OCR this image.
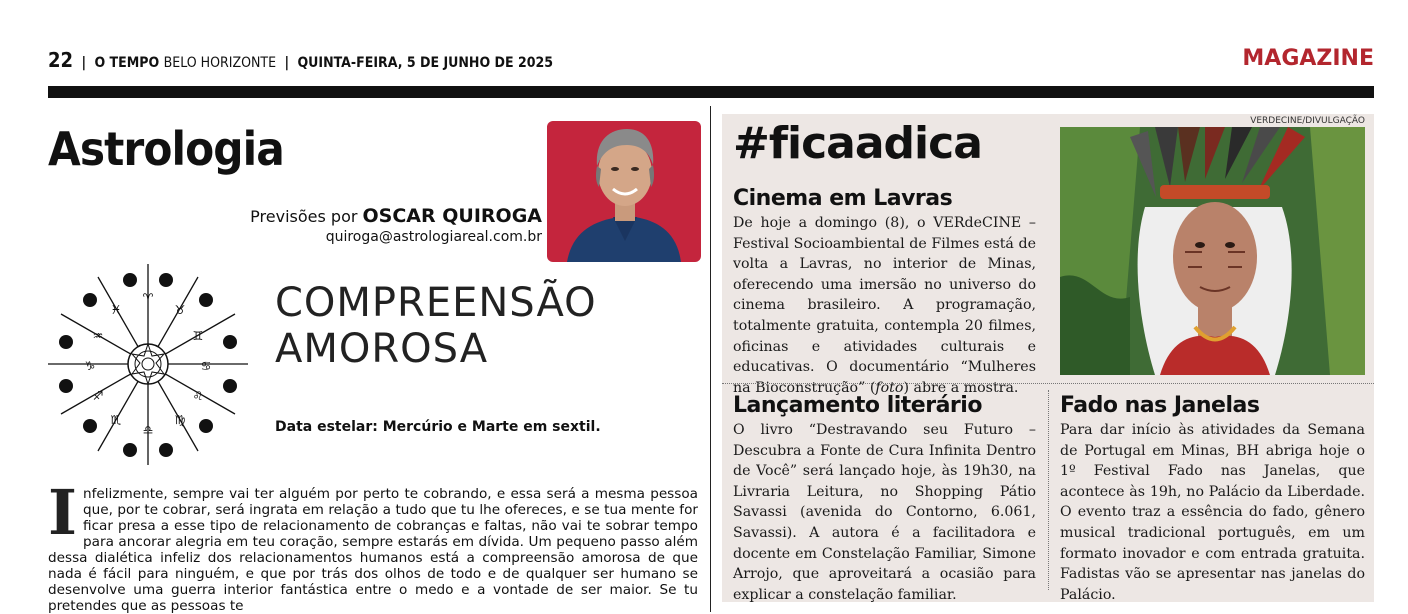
22 | O TEMPO BELO HORIZONTE | QUINTA-FEIRA, 5 DE JUNHO DE 2025	MAGAZINE
Astrologia
Previsões por OSCAR QUIROGA
quiroga@astrologiareal.com.br
♈
♉
♊
♋
♌
♍
♎
♏
♐
♑
♒
♓	COMPREENSÃO
AMOROSA
Data estelar: Mercúrio e Marte em sextil.
Infelizmente, sempre vai ter alguém por perto te cobrando, e essa será a mesma pessoa que, por te cobrar, será ingrata em relação a tudo que tu lhe ofereces, e se tua mente for ficar presa a esse tipo de relacionamento de cobranças e faltas, não vai te sobrar tempo para ancorar alegria em teu coração, sempre estarás em dívida. Um pequeno passo além dessa dialética infeliz dos relacionamentos humanos está a compreensão amorosa de que nada é fácil para ninguém, e que por trás dos olhos de todo e de qualquer ser humano se desenvolve uma guerra interior fantástica entre o medo e a vontade de ser maior. Se tu pretendes que as pessoas te
#ficaadica	VERDECINE/DIVULGAÇÃO
Cinema em Lavras
De hoje a domingo (8), o VERdeCINE – Festival Socioambiental de Filmes está de volta a Lavras, no interior de Minas, oferecendo uma imersão no universo do cinema brasileiro. A programação, totalmente gratuita, contempla 20 filmes, oficinas e atividades culturais e educativas. O documentário “Mulheres na Bioconstrução” (foto) abre a mostra.
Lançamento literário
O livro “Destravando seu Futuro – Descubra a Fonte de Cura Infinita Dentro de Você” será lançado hoje, às 19h30, na Livraria Leitura, no Shopping Pátio Savassi (avenida do Contorno, 6.061, Savassi). A autora é a facilitadora e docente em Constelação Familiar, Simone Arrojo, que aproveitará a ocasião para explicar a constelação familiar.
Fado nas Janelas
Para dar início às atividades da Semana de Portugal em Minas, BH abriga hoje o 1º Festival Fado nas Janelas, que acontece às 19h, no Palácio da Liberdade. O evento traz a essência do fado, gênero musical tradicional português, em um formato inovador e com entrada gratuita. Fadistas vão se apresentar nas janelas do Palácio.
